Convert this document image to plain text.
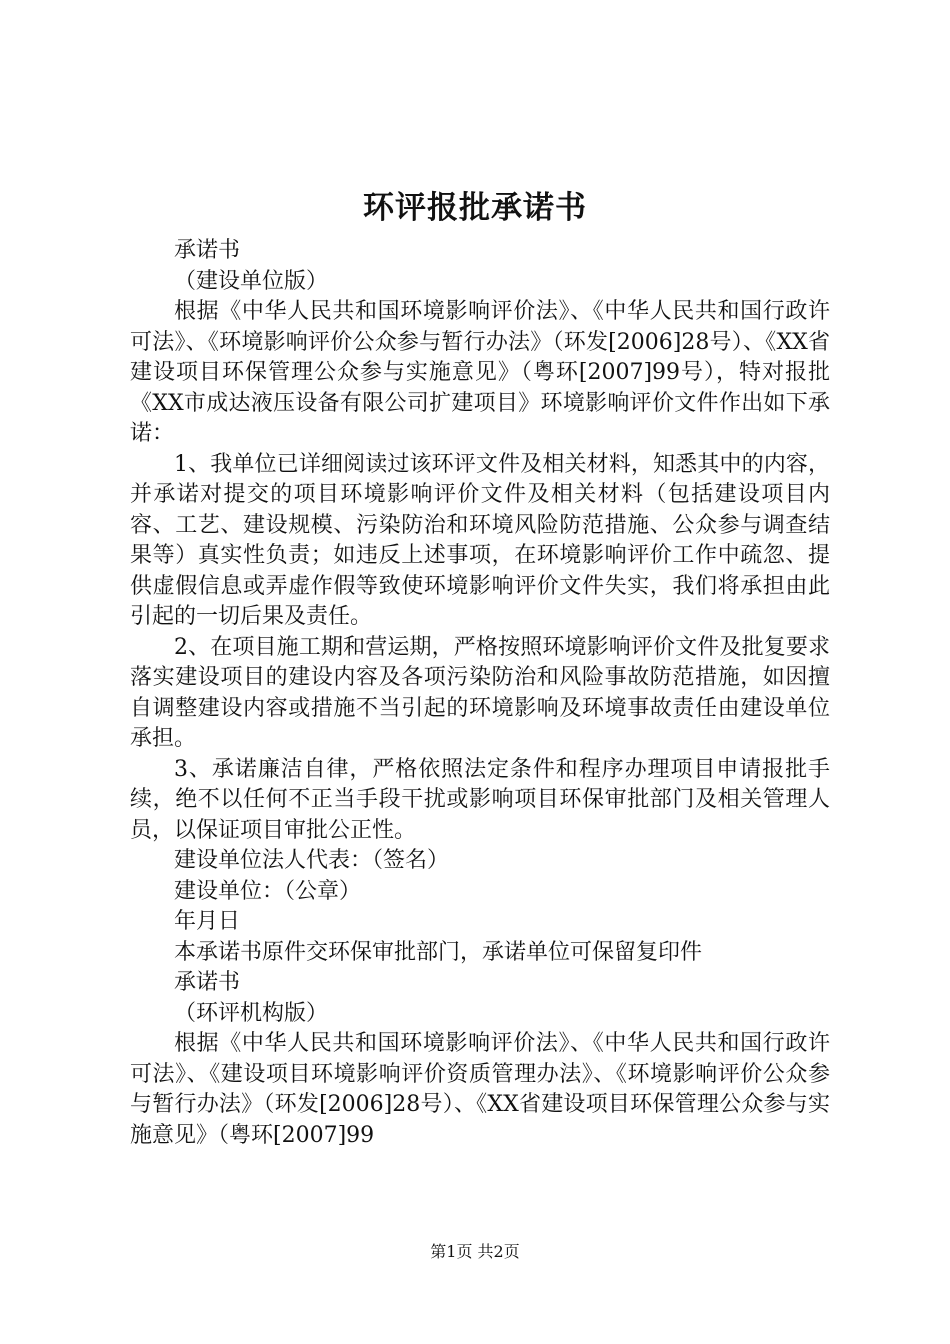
环评报批承诺书

承诺书

（建设单位版）

根据《中华人民共和国环境影响评价法》、《中华人民共和国行政许可法》、《环境影响评价公众参与暂行办法》（环发[2006]28号）、《XX省建设项目环保管理公众参与实施意见》（粤环[2007]99号），特对报批《XX市成达液压设备有限公司扩建项目》环境影响评价文件作出如下承诺：

1、我单位已详细阅读过该环评文件及相关材料，知悉其中的内容，并承诺对提交的项目环境影响评价文件及相关材料（包括建设项目内容、工艺、建设规模、污染防治和环境风险防范措施、公众参与调查结果等）真实性负责；如违反上述事项，在环境影响评价工作中疏忽、提供虚假信息或弄虚作假等致使环境影响评价文件失实，我们将承担由此引起的一切后果及责任。

2、在项目施工期和营运期，严格按照环境影响评价文件及批复要求落实建设项目的建设内容及各项污染防治和风险事故防范措施，如因擅自调整建设内容或措施不当引起的环境影响及环境事故责任由建设单位承担。

3、承诺廉洁自律，严格依照法定条件和程序办理项目申请报批手续，绝不以任何不正当手段干扰或影响项目环保审批部门及相关管理人员，以保证项目审批公正性。

建设单位法人代表：（签名）

建设单位：（公章）

年月日

本承诺书原件交环保审批部门，承诺单位可保留复印件

承诺书

（环评机构版）

根据《中华人民共和国环境影响评价法》、《中华人民共和国行政许可法》、《建设项目环境影响评价资质管理办法》、《环境影响评价公众参与暂行办法》（环发[2006]28号）、《XX省建设项目环保管理公众参与实施意见》（粤环[2007]99

第1页 共2页
